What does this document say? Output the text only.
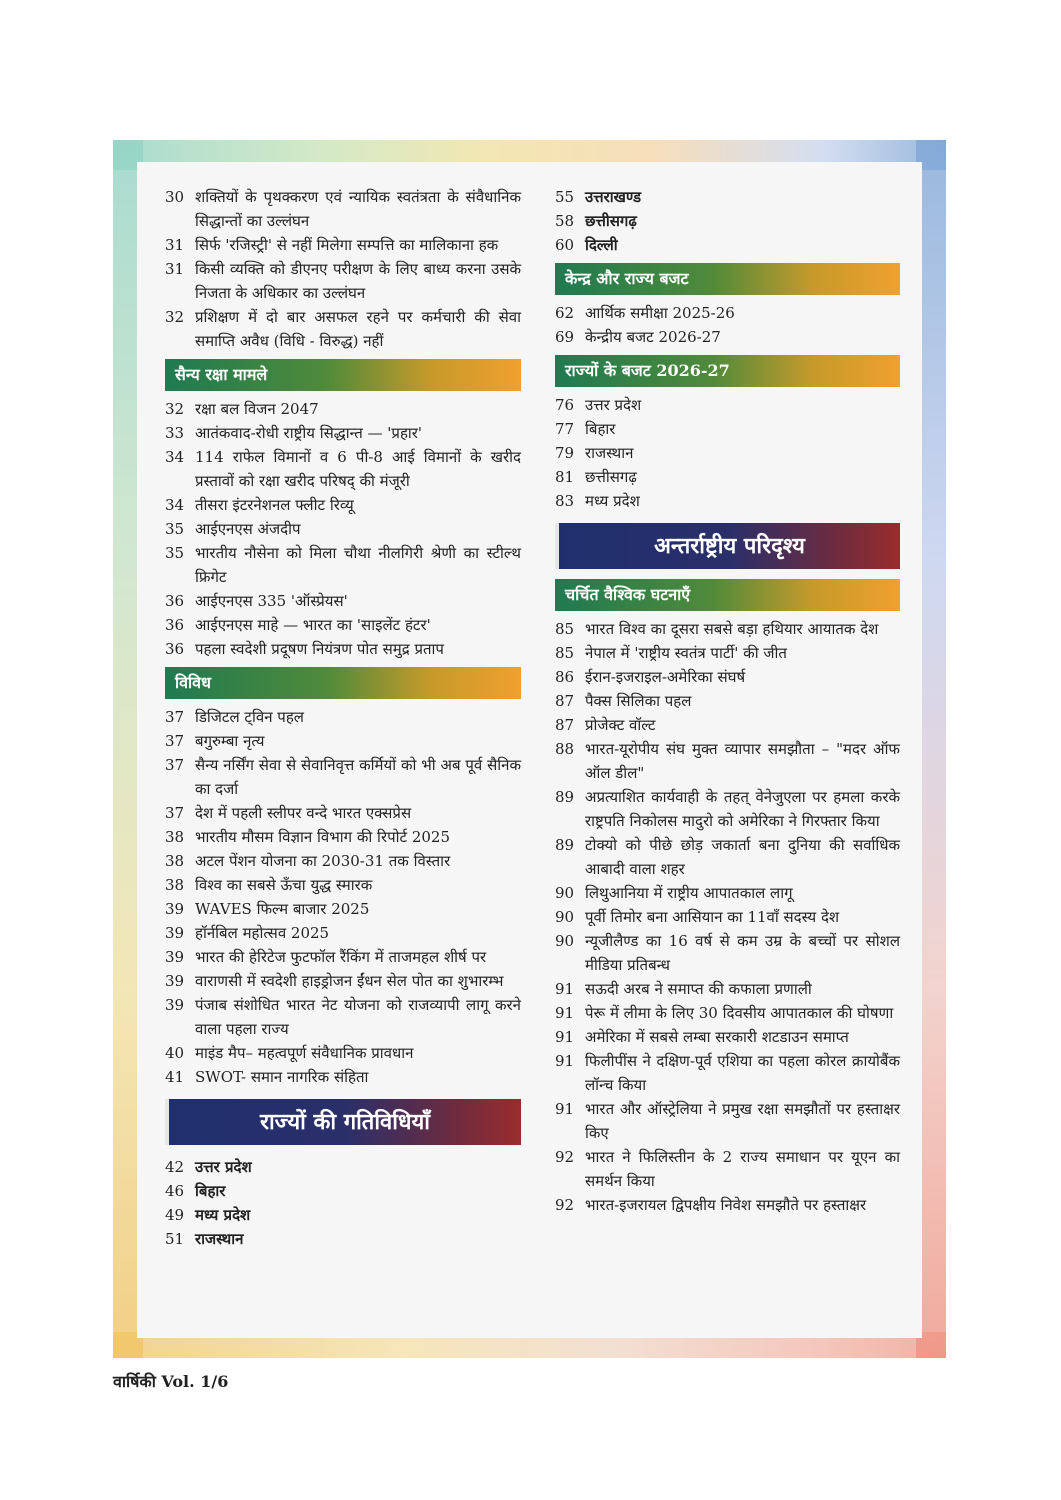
30 शक्तियों के पृथक्करण एवं न्यायिक स्वतंत्रता के संवैधानिक सिद्धान्तों का उल्लंघन
31 सिर्फ 'रजिस्ट्री' से नहीं मिलेगा सम्पत्ति का मालिकाना हक
31 किसी व्यक्ति को डीएनए परीक्षण के लिए बाध्य करना उसके निजता के अधिकार का उल्लंघन
32 प्रशिक्षण में दो बार असफल रहने पर कर्मचारी की सेवा समाप्ति अवैध (विधि - विरुद्ध) नहीं
सैन्य रक्षा मामले
32 रक्षा बल विजन 2047
33 आतंकवाद-रोधी राष्ट्रीय सिद्धान्त — 'प्रहार'
34 114 राफेल विमानों व 6 पी-8 आई विमानों के खरीद प्रस्तावों को रक्षा खरीद परिषद् की मंजूरी
34 तीसरा इंटरनेशनल फ्लीट रिव्यू
35 आईएनएस अंजदीप
35 भारतीय नौसेना को मिला चौथा नीलगिरी श्रेणी का स्टील्थ फ्रिगेट
36 आईएनएस 335 'ऑस्प्रेयस'
36 आईएनएस माहे — भारत का 'साइलेंट हंटर'
36 पहला स्वदेशी प्रदूषण नियंत्रण पोत समुद्र प्रताप
विविध
37 डिजिटल ट्विन पहल
37 बगुरुम्बा नृत्य
37 सैन्य नर्सिंग सेवा से सेवानिवृत्त कर्मियों को भी अब पूर्व सैनिक का दर्जा
37 देश में पहली स्लीपर वन्दे भारत एक्सप्रेस
38 भारतीय मौसम विज्ञान विभाग की रिपोर्ट 2025
38 अटल पेंशन योजना का 2030-31 तक विस्तार
38 विश्व का सबसे ऊँचा युद्ध स्मारक
39 WAVES फिल्म बाजार 2025
39 हॉर्नबिल महोत्सव 2025
39 भारत की हेरिटेज फुटफॉल रैंकिंग में ताजमहल शीर्ष पर
39 वाराणसी में स्वदेशी हाइड्रोजन ईंधन सेल पोत का शुभारम्भ
39 पंजाब संशोधित भारत नेट योजना को राजव्यापी लागू करने वाला पहला राज्य
40 माइंड मैप– महत्वपूर्ण संवैधानिक प्रावधान
41 SWOT- समान नागरिक संहिता
राज्यों की गतिविधियाँ
42 उत्तर प्रदेश
46 बिहार
49 मध्य प्रदेश
51 राजस्थान
55 उत्तराखण्ड
58 छत्तीसगढ़
60 दिल्ली
केन्द्र और राज्य बजट
62 आर्थिक समीक्षा 2025-26
69 केन्द्रीय बजट 2026-27
राज्यों के बजट 2026-27
76 उत्तर प्रदेश
77 बिहार
79 राजस्थान
81 छत्तीसगढ़
83 मध्य प्रदेश
अन्तर्राष्ट्रीय परिदृश्य
चर्चित वैश्विक घटनाएँ
85 भारत विश्व का दूसरा सबसे बड़ा हथियार आयातक देश
85 नेपाल में 'राष्ट्रीय स्वतंत्र पार्टी' की जीत
86 ईरान-इजराइल-अमेरिका संघर्ष
87 पैक्स सिलिका पहल
87 प्रोजेक्ट वॉल्ट
88 भारत-यूरोपीय संघ मुक्त व्यापार समझौता – "मदर ऑफ ऑल डील"
89 अप्रत्याशित कार्यवाही के तहत् वेनेजुएला पर हमला करके राष्ट्रपति निकोलस मादुरो को अमेरिका ने गिरफ्तार किया
89 टोक्यो को पीछे छोड़ जकार्ता बना दुनिया की सर्वाधिक आबादी वाला शहर
90 लिथुआनिया में राष्ट्रीय आपातकाल लागू
90 पूर्वी तिमोर बना आसियान का 11वाँ सदस्य देश
90 न्यूजीलैण्ड का 16 वर्ष से कम उम्र के बच्चों पर सोशल मीडिया प्रतिबन्ध
91 सऊदी अरब ने समाप्त की कफाला प्रणाली
91 पेरू में लीमा के लिए 30 दिवसीय आपातकाल की घोषणा
91 अमेरिका में सबसे लम्बा सरकारी शटडाउन समाप्त
91 फिलीपींस ने दक्षिण-पूर्व एशिया का पहला कोरल क्रायोबैंक लॉन्च किया
91 भारत और ऑस्ट्रेलिया ने प्रमुख रक्षा समझौतों पर हस्ताक्षर किए
92 भारत ने फिलिस्तीन के 2 राज्य समाधान पर यूएन का समर्थन किया
92 भारत-इजरायल द्विपक्षीय निवेश समझौते पर हस्ताक्षर
वार्षिकी Vol. 1/6
